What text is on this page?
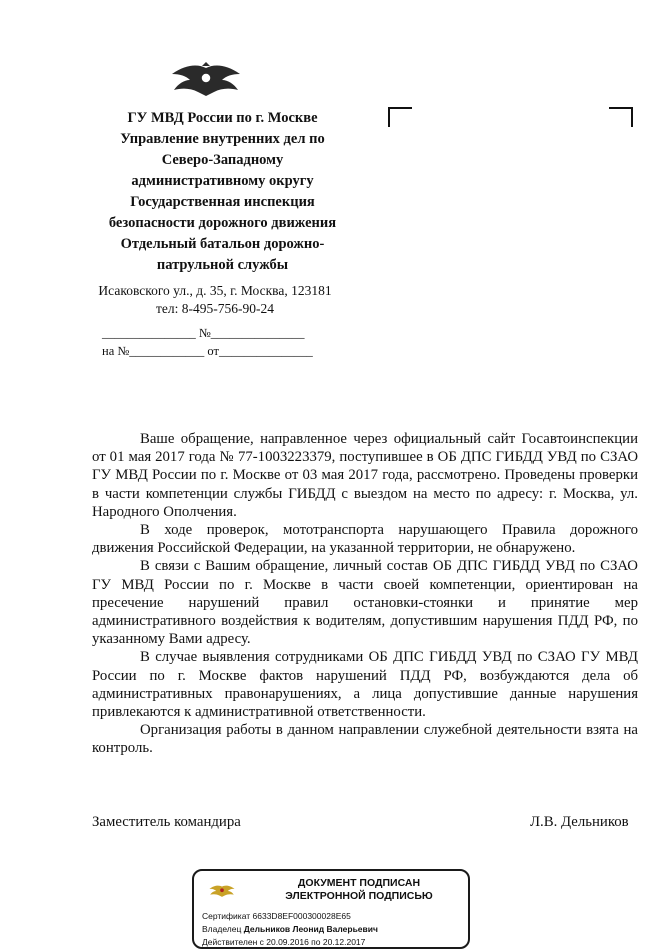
ГУ МВД России по г. Москве
Управление внутренних дел по
Северо-Западному
административному округу
Государственная инспекция
безопасности дорожного движения
Отдельный батальон дорожно-
патрульной службы
Исаковского ул., д. 35, г. Москва, 123181
тел: 8-495-756-90-24
_______________ №_______________
на №____________ от_______________

Ваше обращение, направленное через официальный сайт Госавтоинспекции от 01 мая 2017 года № 77-1003223379, поступившее в ОБ ДПС ГИБДД УВД по СЗАО ГУ МВД России по г. Москве от 03 мая 2017 года, рассмотрено. Проведены проверки в части компетенции службы ГИБДД с выездом на место по адресу: г. Москва, ул. Народного Ополчения.

В ходе проверок, мототранспорта нарушающего Правила дорожного движения Российской Федерации, на указанной территории, не обнаружено.

В связи с Вашим обращение, личный состав ОБ ДПС ГИБДД УВД по СЗАО ГУ МВД России по г. Москве в части своей компетенции, ориентирован на пресечение нарушений правил остановки-стоянки и принятие мер административного воздействия к водителям, допустившим нарушения ПДД РФ, по указанному Вами адресу.

В случае выявления сотрудниками ОБ ДПС ГИБДД УВД по СЗАО ГУ МВД России по г. Москве фактов нарушений ПДД РФ, возбуждаются дела об административных правонарушениях, а лица допустившие данные нарушения привлекаются к административной ответственности.

Организация работы в данном направлении служебной деятельности взята на контроль.

Заместитель командира	Л.В. Дельников
ДОКУМЕНТ ПОДПИСАН
ЭЛЕКТРОННОЙ ПОДПИСЬЮ
Сертификат 6633D8EF000300028E65
Владелец Дельников Леонид Валерьевич
Действителен с 20.09.2016 по 20.12.2017
